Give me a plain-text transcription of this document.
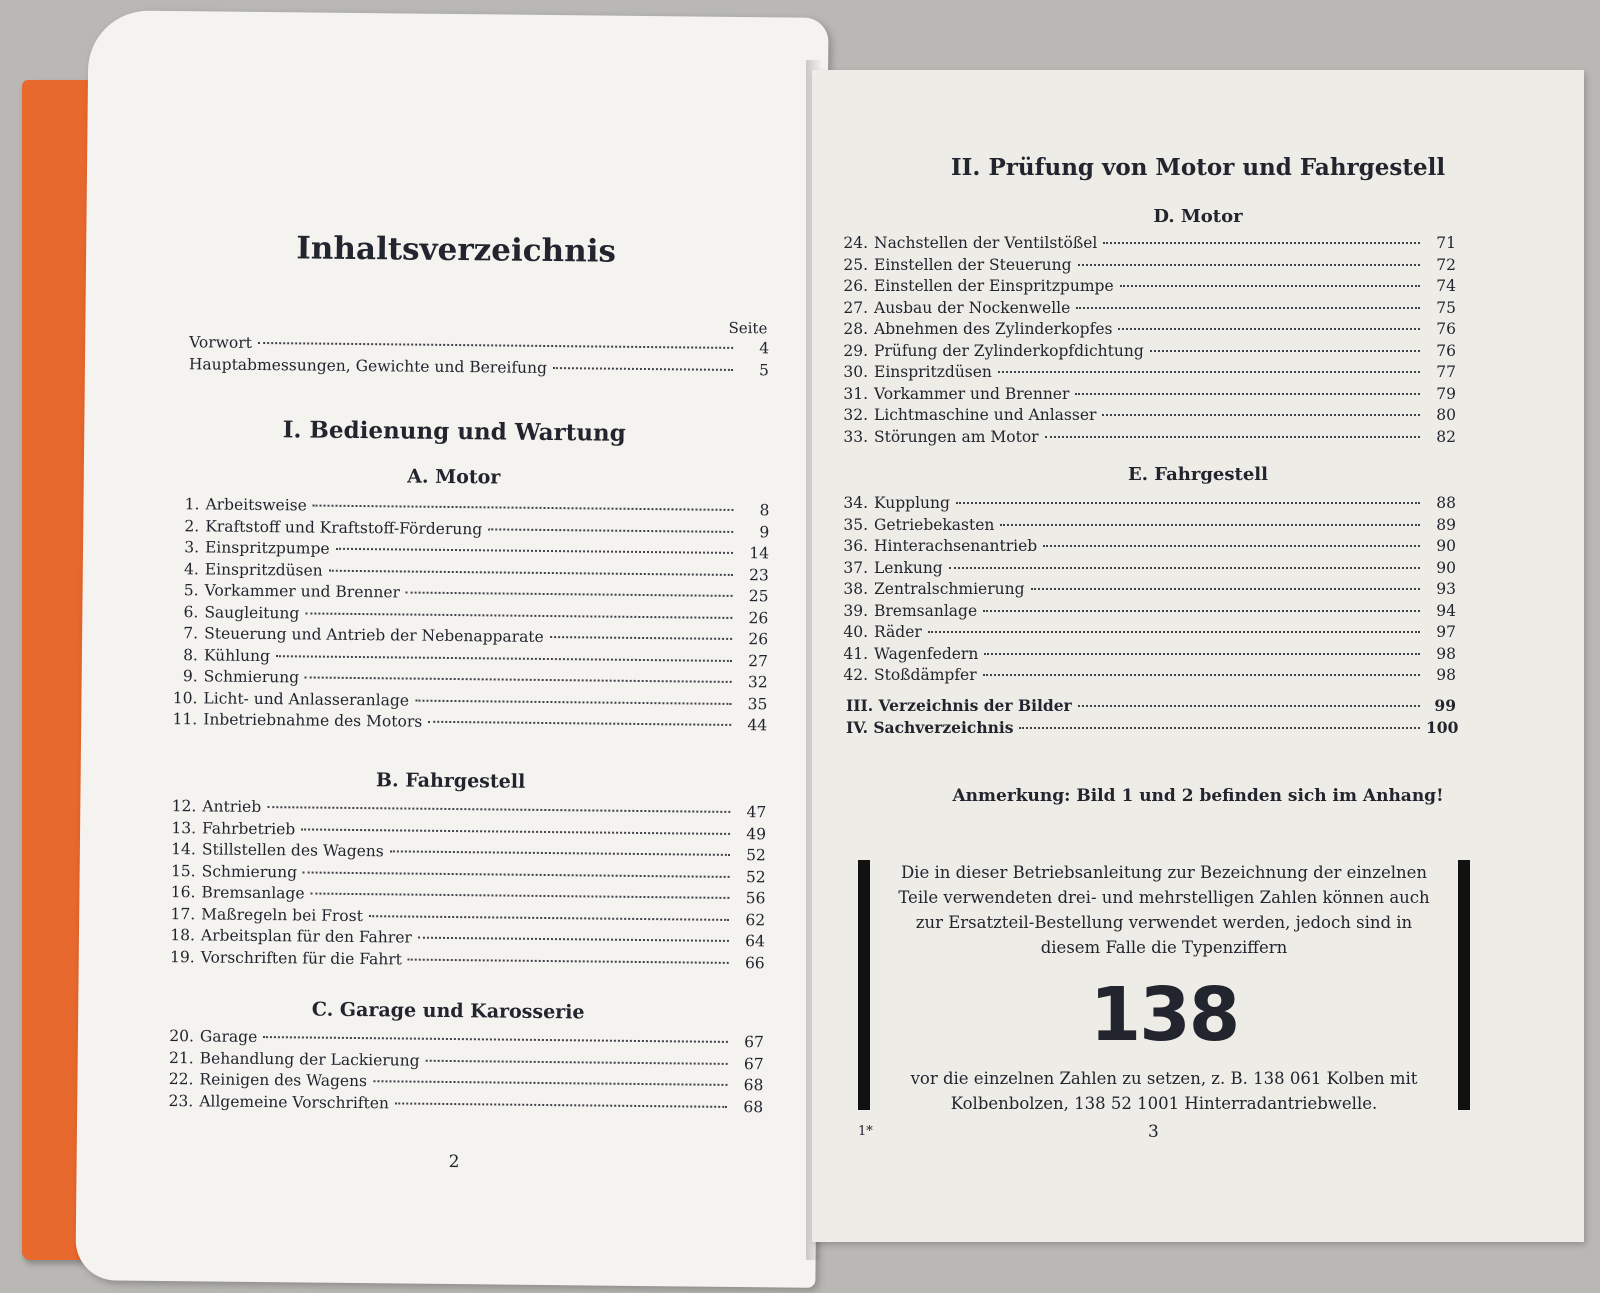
Inhaltsverzeichnis
Seite
Vorwort	4
Hauptabmessungen, Gewichte und Bereifung	5
I. Bedienung und Wartung
A. Motor
1. Arbeitsweise	8
2. Kraftstoff und Kraftstoff-Förderung	9
3. Einspritzpumpe	14
4. Einspritzdüsen	23
5. Vorkammer und Brenner	25
6. Saugleitung	26
7. Steuerung und Antrieb der Nebenapparate	26
8. Kühlung	27
9. Schmierung	32
10. Licht- und Anlasseranlage	35
11. Inbetriebnahme des Motors	44
B. Fahrgestell
12. Antrieb	47
13. Fahrbetrieb	49
14. Stillstellen des Wagens	52
15. Schmierung	52
16. Bremsanlage	56
17. Maßregeln bei Frost	62
18. Arbeitsplan für den Fahrer	64
19. Vorschriften für die Fahrt	66
C. Garage und Karosserie
20. Garage	67
21. Behandlung der Lackierung	67
22. Reinigen des Wagens	68
23. Allgemeine Vorschriften	68
2
II. Prüfung von Motor und Fahrgestell
D. Motor
24. Nachstellen der Ventilstößel	71
25. Einstellen der Steuerung	72
26. Einstellen der Einspritzpumpe	74
27. Ausbau der Nockenwelle	75
28. Abnehmen des Zylinderkopfes	76
29. Prüfung der Zylinderkopfdichtung	76
30. Einspritzdüsen	77
31. Vorkammer und Brenner	79
32. Lichtmaschine und Anlasser	80
33. Störungen am Motor	82
E. Fahrgestell
34. Kupplung	88
35. Getriebekasten	89
36. Hinterachsenantrieb	90
37. Lenkung	90
38. Zentralschmierung	93
39. Bremsanlage	94
40. Räder	97
41. Wagenfedern	98
42. Stoßdämpfer	98
III. Verzeichnis der Bilder	99
IV. Sachverzeichnis	100
Anmerkung: Bild 1 und 2 befinden sich im Anhang!
1*	3
Die in dieser Betriebsanleitung zur Bezeichnung der einzelnen Teile verwendeten drei- und mehrstelligen Zahlen können auch zur Ersatzteil-Bestellung verwendet werden, jedoch sind in diesem Falle die Typenziffern
138
vor die einzelnen Zahlen zu setzen, z. B. 138 061 Kolben mit Kolbenbolzen, 138 52 1001 Hinterradantriebwelle.
